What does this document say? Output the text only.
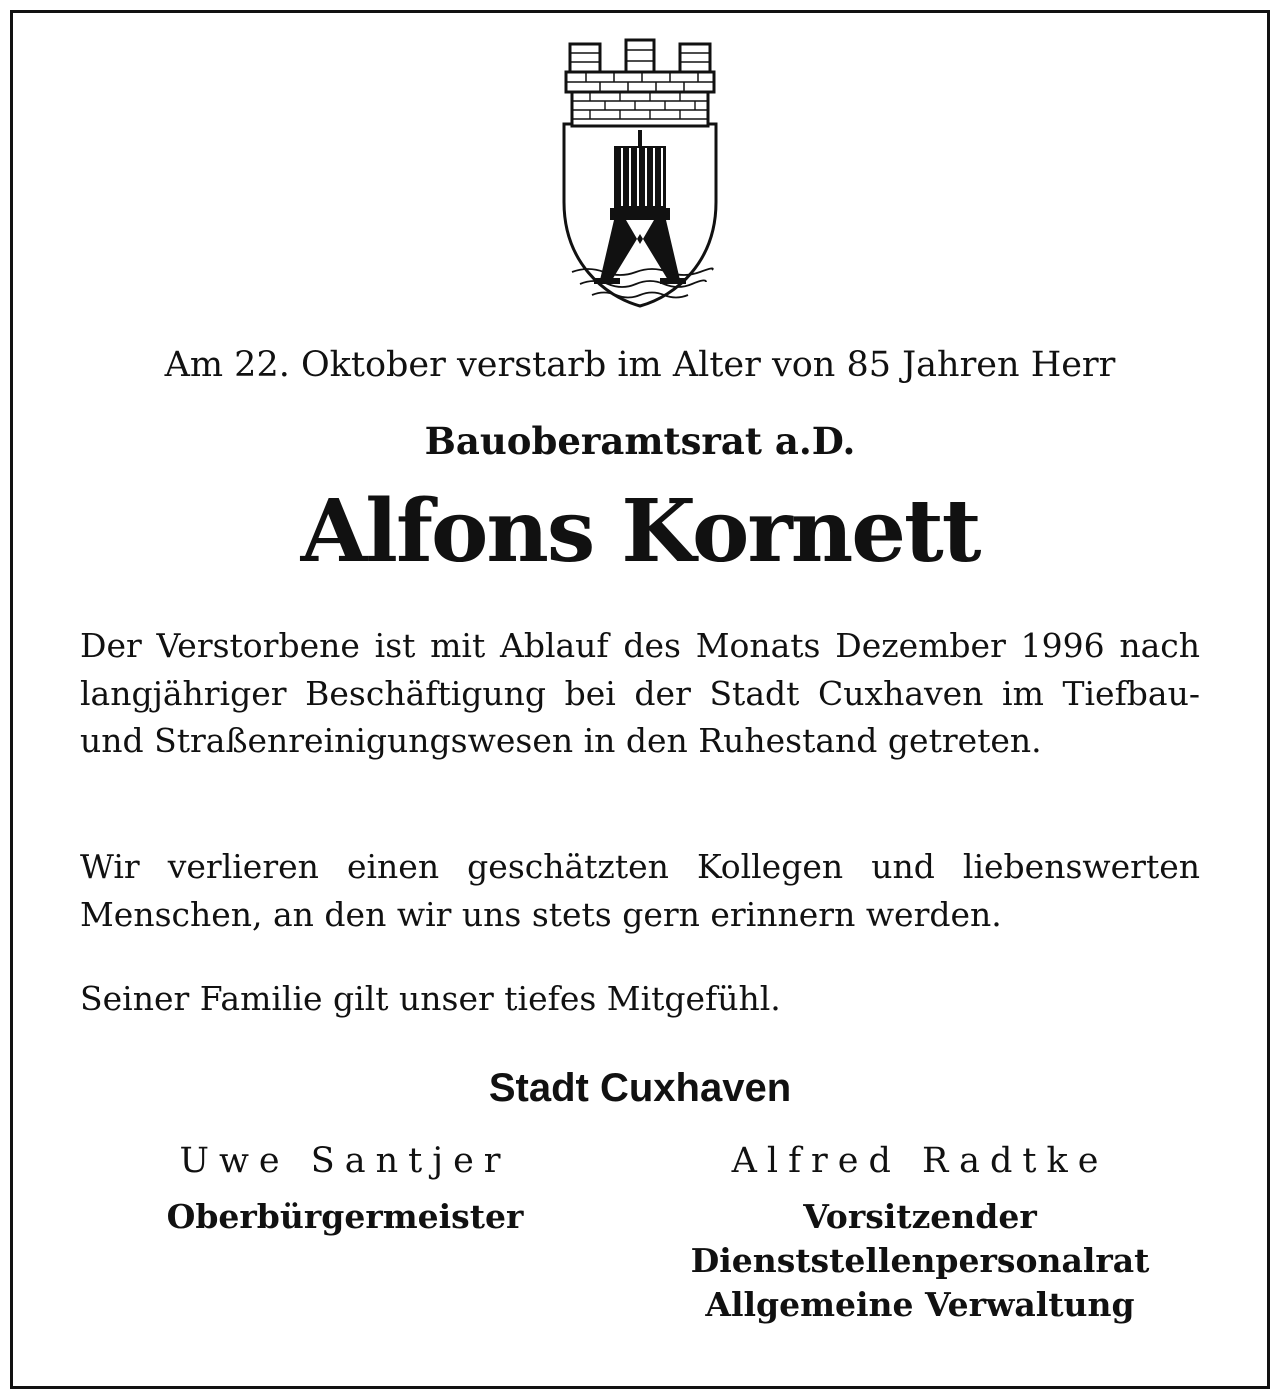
Am 22. Oktober verstarb im Alter von 85 Jahren Herr
Bauoberamtsrat a.D.
Alfons Kornett
Der Verstorbene ist mit Ablauf des Monats Dezember 1996 nach langjähriger Beschäftigung bei der Stadt Cuxhaven im Tiefbau- und Straßenreinigungswesen in den Ruhestand getreten.
Wir verlieren einen geschätzten Kollegen und liebenswerten Menschen, an den wir uns stets gern erinnern werden.
Seiner Familie gilt unser tiefes Mitgefühl.
Stadt Cuxhaven
Uwe Santjer
Oberbürgermeister
Alfred Radtke
Vorsitzender
Dienststellenpersonalrat
Allgemeine Verwaltung
